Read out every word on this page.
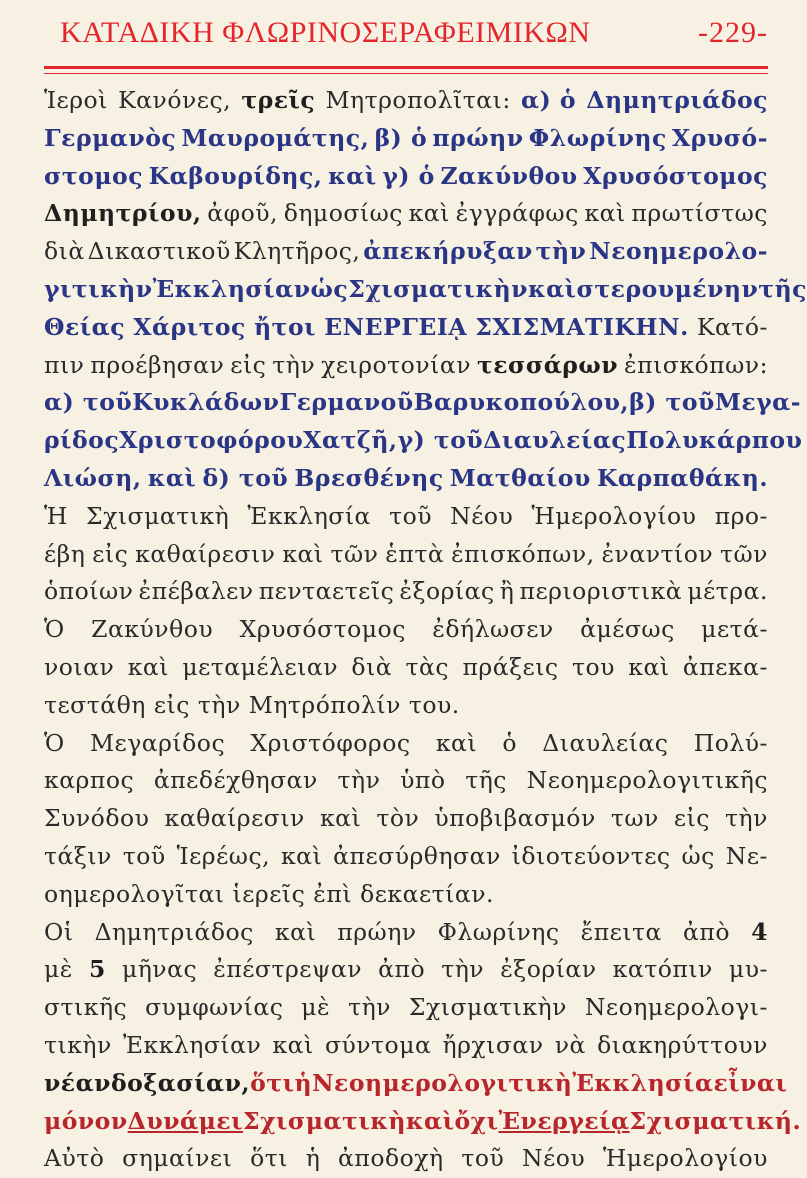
ΚΑΤΑΔΙΚΗ ΦΛΩΡΙΝΟΣΕΡΑΦΕΙΜΙΚΩΝ	-229-
Ἱεροὶ Κανόνες, τρεῖς Μητροπολῖται: α) ὁ Δημητριάδος
Γερμανὸς Μαυρομάτης, β) ὁ πρώην Φλωρίνης Χρυσό-
στομος Καβουρίδης, καὶ γ) ὁ Ζακύνθου Χρυσόστομος
Δημητρίου, ἀφοῦ, δημοσίως καὶ ἐγγράφως καὶ πρωτίστως
διὰ Δικαστικοῦ Κλητῆρος, ἀπεκήρυξαν τὴν Νεοημερολο-
γιτικὴν Ἐκκλησίαν ὡς Σχισματικὴν καὶ στερουμένην τῆς
Θείας Χάριτος ἤτοι ΕΝΕΡΓΕΙᾼ ΣΧΙΣΜΑΤΙΚΗΝ. Κατό-
πιν προέβησαν εἰς τὴν χειροτονίαν τεσσάρων ἐπισκόπων:
α) τοῦ Κυκλάδων Γερμανοῦ Βαρυκοπούλου, β) τοῦ Μεγα-
ρίδος Χριστοφόρου Χατζῆ, γ) τοῦ Διαυλείας Πολυκάρπου
Λιώση, καὶ δ) τοῦ Βρεσθένης Ματθαίου Καρπαθάκη.
Ἡ Σχισματικὴ Ἐκκλησία τοῦ Νέου Ἡμερολογίου προ-
έβη εἰς καθαίρεσιν καὶ τῶν ἑπτὰ ἐπισκόπων, ἐναντίον τῶν
ὁποίων ἐπέβαλεν πενταετεῖς ἐξορίας ἢ περιοριστικὰ μέτρα.
Ὁ Ζακύνθου Χρυσόστομος ἐδήλωσεν ἀμέσως μετά-
νοιαν καὶ μεταμέλειαν διὰ τὰς πράξεις του καὶ ἀπεκα-
τεστάθη εἰς τὴν Μητρόπολίν του.
Ὁ Μεγαρίδος Χριστόφορος καὶ ὁ Διαυλείας Πολύ-
καρπος ἀπεδέχθησαν τὴν ὑπὸ τῆς Νεοημερολογιτικῆς
Συνόδου καθαίρεσιν καὶ τὸν ὑποβιβασμόν των εἰς τὴν
τάξιν τοῦ Ἱερέως, καὶ ἀπεσύρθησαν ἰδιοτεύοντες ὡς Νε-
οημερολογῖται ἱερεῖς ἐπὶ δεκαετίαν.
Οἱ Δημητριάδος καὶ πρώην Φλωρίνης ἔπειτα ἀπὸ 4
μὲ 5 μῆνας ἐπέστρεψαν ἀπὸ τὴν ἐξορίαν κατόπιν μυ-
στικῆς συμφωνίας μὲ τὴν Σχισματικὴν Νεοημερολογι-
τικὴν Ἐκκλησίαν καὶ σύντομα ἤρχισαν νὰ διακηρύττουν
νέαν δοξασίαν, ὅτι ἡ Νεοημερολογιτικὴ Ἐκκλησία εἶναι
μόνον Δυνάμει Σχισματικὴ καὶ ὄχι Ἐνεργείᾳ Σχισματική.
Αὐτὸ σημαίνει ὅτι ἡ ἀποδοχὴ τοῦ Νέου Ἡμερολογίου
